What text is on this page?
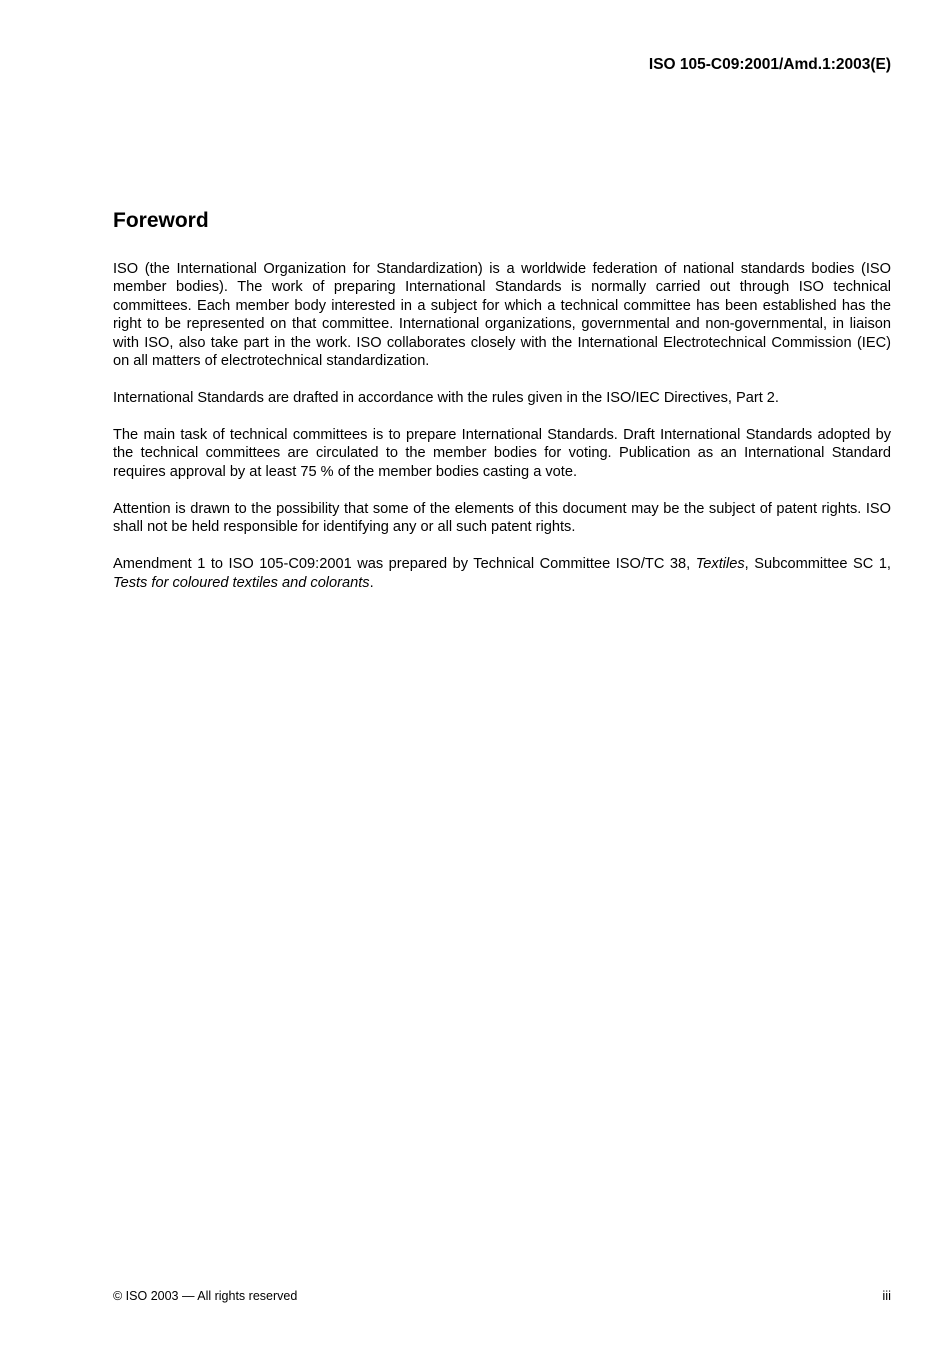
ISO 105-C09:2001/Amd.1:2003(E)
Foreword

ISO (the International Organization for Standardization) is a worldwide federation of national standards bodies (ISO member bodies). The work of preparing International Standards is normally carried out through ISO technical committees. Each member body interested in a subject for which a technical committee has been established has the right to be represented on that committee. International organizations, governmental and non-governmental, in liaison with ISO, also take part in the work. ISO collaborates closely with the International Electrotechnical Commission (IEC) on all matters of electrotechnical standardization.

International Standards are drafted in accordance with the rules given in the ISO/IEC Directives, Part 2.

The main task of technical committees is to prepare International Standards. Draft International Standards adopted by the technical committees are circulated to the member bodies for voting. Publication as an International Standard requires approval by at least 75 % of the member bodies casting a vote.

Attention is drawn to the possibility that some of the elements of this document may be the subject of patent rights. ISO shall not be held responsible for identifying any or all such patent rights.

Amendment 1 to ISO 105-C09:2001 was prepared by Technical Committee ISO/TC 38, Textiles, Subcommittee SC 1, Tests for coloured textiles and colorants.

© ISO 2003 — All rights reserved	iii
